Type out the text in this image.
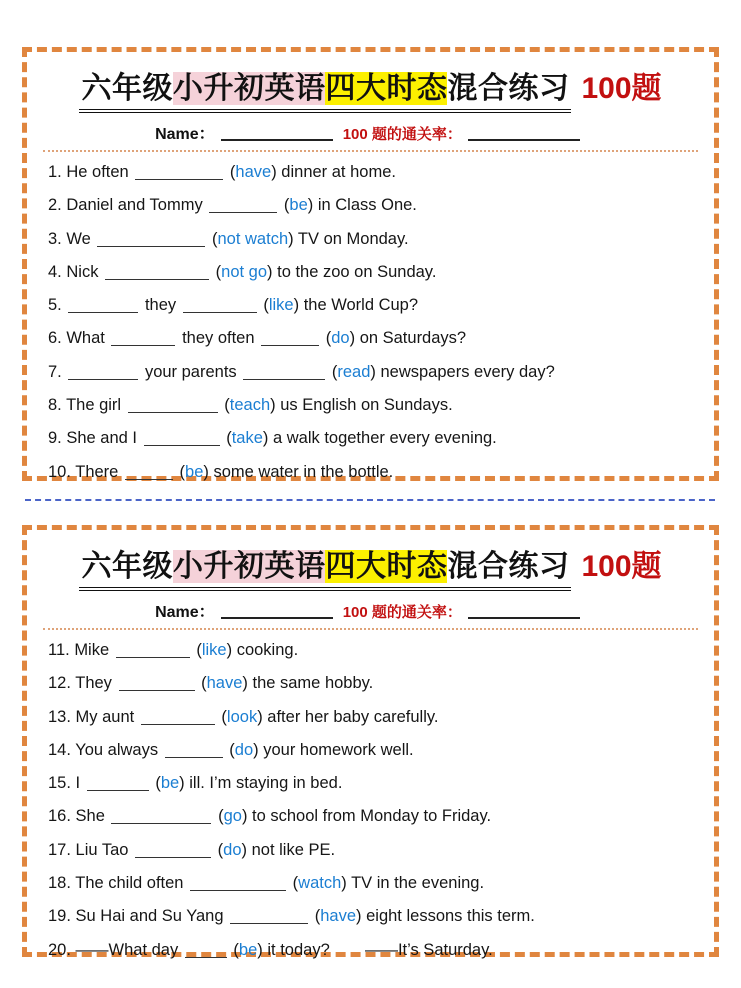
六年级小升初英语四大时态混合练习 100题
Name：	100 题的通关率：
1. He often	(have) dinner at home.
2. Daniel and Tommy	(be) in Class One.
3. We	(not watch) TV on Monday.
4. Nick	(not go) to the zoo on Sunday.
5.	they	(like) the World Cup?
6. What	they often	(do) on Saturdays?
7.	your parents	(read) newspapers every day?
8. The girl	(teach) us English on Sundays.
9. She and I	(take) a walk together every evening.
10. There	(be) some water in the bottle.
六年级小升初英语四大时态混合练习 100题
Name：	100 题的通关率：
11. Mike	(like) cooking.
12. They	(have) the same hobby.
13. My aunt	(look) after her baby carefully.
14. You always	(do) your homework well.
15. I	(be) ill. I’m staying in bed.
16. She	(go) to school from Monday to Friday.
17. Liu Tao	(do) not like PE.
18. The child often	(watch) TV in the evening.
19. Su Hai and Su Yang	(have) eight lessons this term.
20. ——What day	(be) it today? ——It’s Saturday.
